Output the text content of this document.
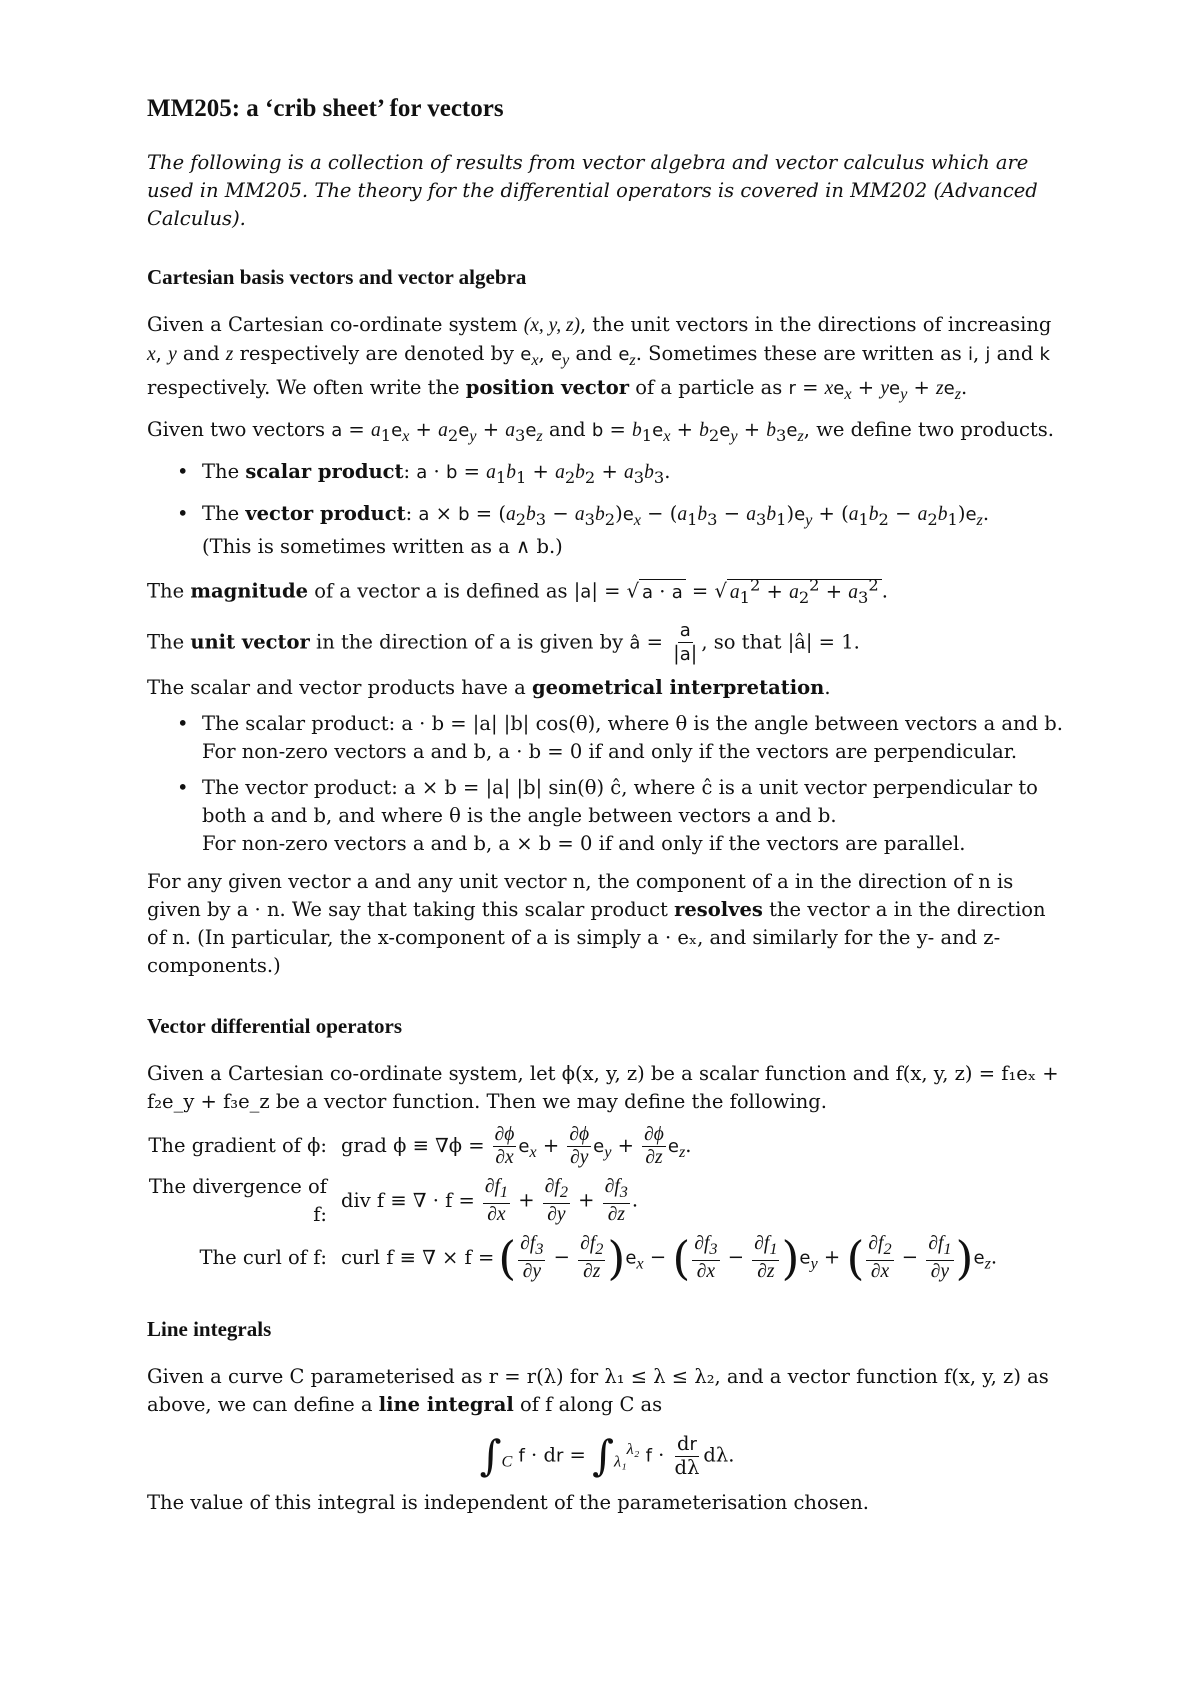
MM205: a ‘crib sheet’ for vectors

The following is a collection of results from vector algebra and vector calculus which are used in MM205. The theory for the differential operators is covered in MM202 (Advanced Calculus).

Cartesian basis vectors and vector algebra

Given a Cartesian co-ordinate system (x, y, z), the unit vectors in the directions of increasing x, y and z respectively are denoted by $e_x$, $e_y$ and $e_z$. Sometimes these are written as i, j and k respectively. We often write the position vector of a particle as $r = xe_x + ye_y + ze_z$.

Given two vectors $a = a_1e_x + a_2e_y + a_3e_z$ and $b = b_1e_x + b_2e_y + b_3e_z$, we define two products.

• The scalar product: $a \cdot b = a_1b_1 + a_2b_2 + a_3b_3$.
• The vector product: $a \times b = (a_2b_3 - a_3b_2)e_x - (a_1b_3 - a_3b_1)e_y + (a_1b_2 - a_2b_1)e_z$.
(This is sometimes written as a ∧ b.)

The magnitude of a vector a is defined as |a| = √ a · a = √ $a_1^2 + a_2^2 + a_3^2$ .

The unit vector in the direction of a is given by â = $\frac{a}{|a|}$ , so that |â| = 1.

The scalar and vector products have a geometrical interpretation.

• The scalar product: a · b = |a| |b| cos(θ), where θ is the angle between vectors a and b.
For non-zero vectors a and b, a · b = 0 if and only if the vectors are perpendicular.
• The vector product: a × b = |a| |b| sin(θ) ĉ, where ĉ is a unit vector perpendicular to both a and b, and where θ is the angle between vectors a and b.
For non-zero vectors a and b, a × b = 0 if and only if the vectors are parallel.

For any given vector a and any unit vector n, the component of a in the direction of n is given by a · n. We say that taking this scalar product resolves the vector a in the direction of n. (In particular, the x-component of a is simply a · eₓ, and similarly for the y- and z-components.)

Vector differential operators

Given a Cartesian co-ordinate system, let ϕ(x, y, z) be a scalar function and f(x, y, z) = f₁eₓ + f₂e_y + f₃e_z be a vector function. Then we may define the following.

The gradient of ϕ: grad $\phi \equiv \nabla\phi = \frac{\partial\phi}{\partial x} e_x + \frac{\partial\phi}{\partial y} e_y + \frac{\partial\phi}{\partial z} e_z$.
The divergence of f:
div f ≡ ∇ · $f = \frac{\partial f_1}{\partial x} + \frac{\partial f_2}{\partial y} + \frac{\partial f_3}{\partial z}$ .
The curl of f: curl f ≡ ∇ × f = ( $\frac{\partial f_3}{\partial y} - \frac{\partial f_2}{\partial z} )e_x$ − ( $\frac{\partial f_3}{\partial x} - \frac{\partial f_1}{\partial z} )e_y$ + ( $\frac{\partial f_2}{\partial x} - \frac{\partial f_1}{\partial y} )e_z$.
Line integrals

Given a curve C parameterised as r = r(λ) for λ₁ ≤ λ ≤ λ₂, and a vector function f(x, y, z) as above, we can define a line integral of f along C as

$\int_C$ f · dr = $\int_{\lambda_1}^{\lambda_2}$ $f \cdot \frac{dr}{d\lambda} d\lambda$.

The value of this integral is independent of the parameterisation chosen.
